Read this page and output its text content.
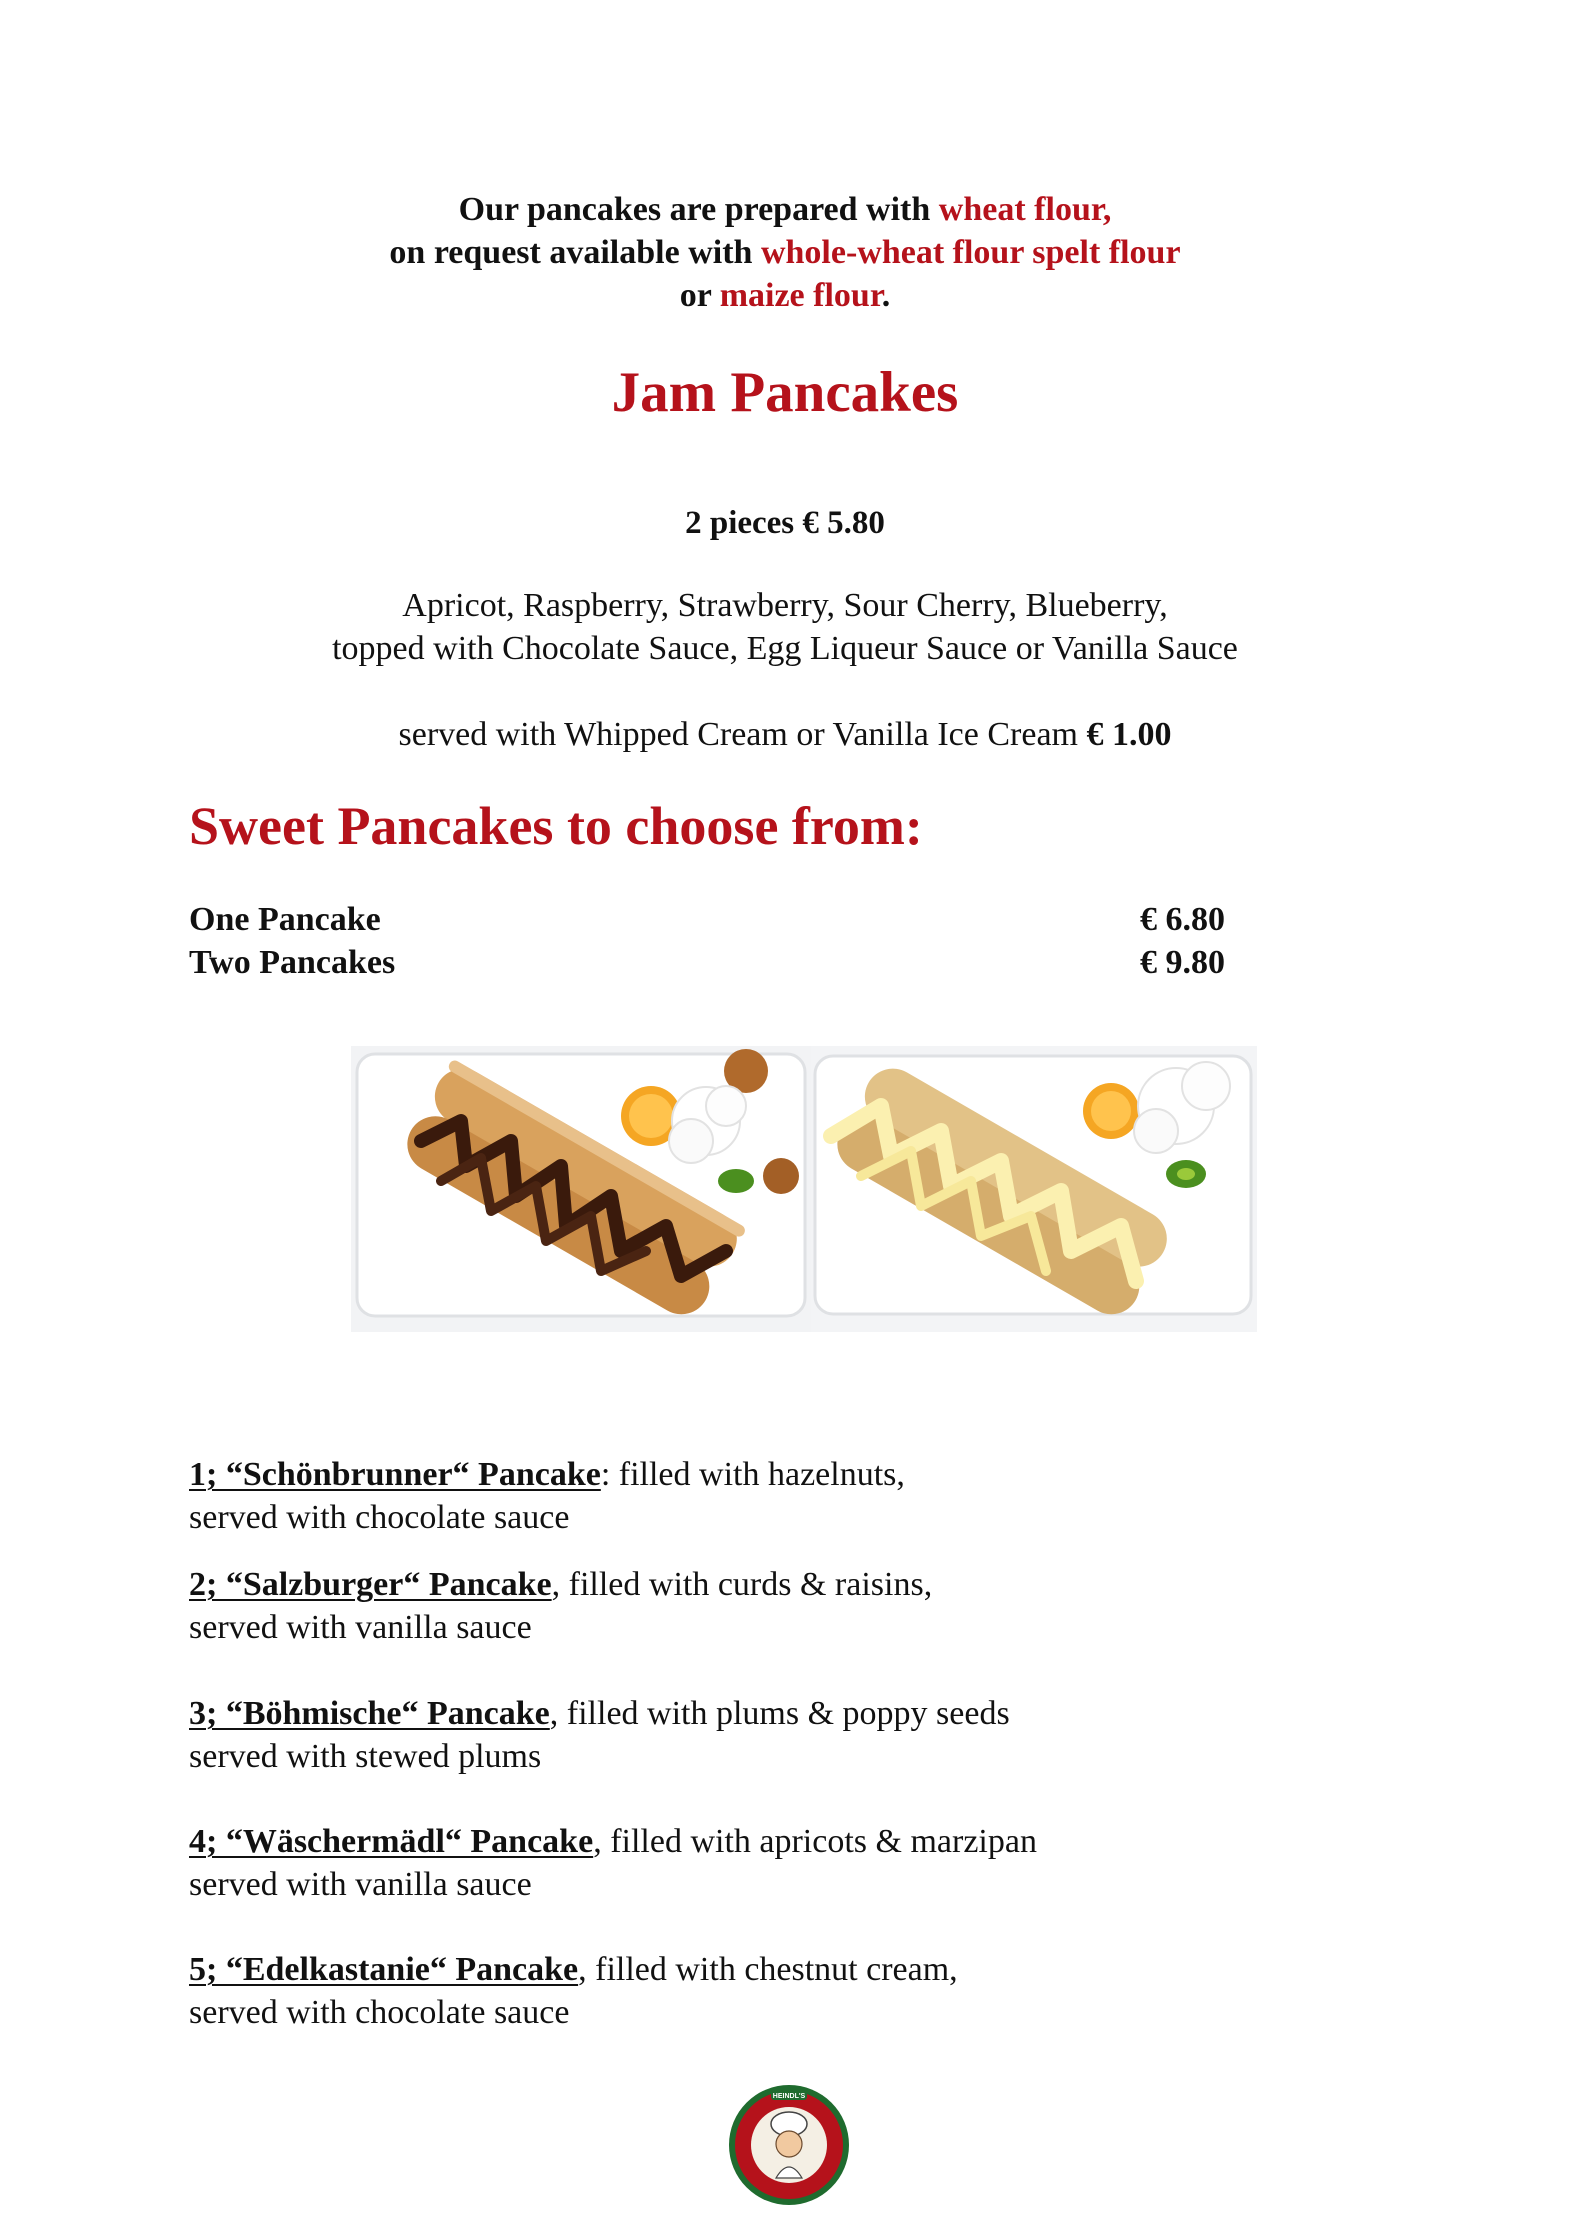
Our pancakes are prepared with wheat flour,
on request available with whole-wheat flour spelt flour
or maize flour.
Jam Pancakes
2 pieces € 5.80
Apricot, Raspberry, Strawberry, Sour Cherry, Blueberry,
topped with Chocolate Sauce, Egg Liqueur Sauce or Vanilla Sauce
served with Whipped Cream or Vanilla Ice Cream € 1.00
Sweet Pancakes to choose from:
One Pancake	€ 6.80
Two Pancakes	€ 9.80
1; “Schönbrunner“ Pancake: filled with hazelnuts,
served with chocolate sauce
2; “Salzburger“ Pancake, filled with curds & raisins,
served with vanilla sauce
3; “Böhmische“ Pancake, filled with plums & poppy seeds
served with stewed plums
4; “Wäschermädl“ Pancake, filled with apricots & marzipan
served with vanilla sauce
5; “Edelkastanie“ Pancake, filled with chestnut cream,
served with chocolate sauce
HEINDL'S
